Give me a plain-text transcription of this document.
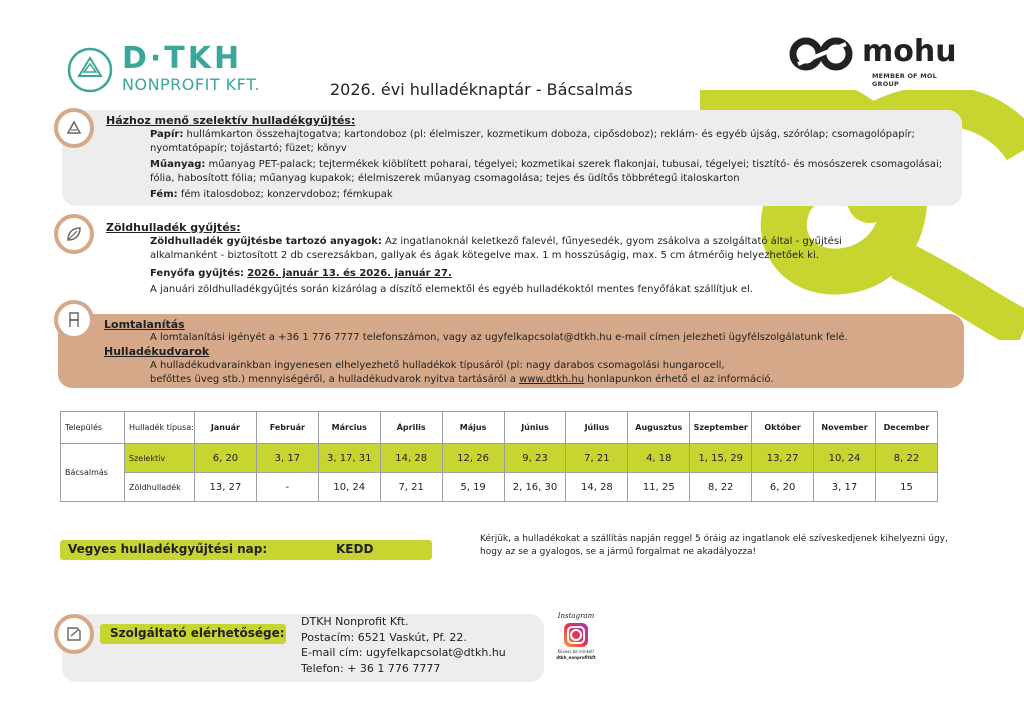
D·TKH
NONPROFIT KFT.
mohu
MEMBER OF MOL GROUP
2026. évi hulladéknaptár - Bácsalmás
Házhoz menő szelektív hulladékgyűjtés:
Papír: hullámkarton összehajtogatva; kartondoboz (pl: élelmiszer, kozmetikum doboza, cipősdoboz); reklám- és egyéb újság, szórólap; csomagolópapír; nyomtatópapír; tojástartó; füzet; könyv
Műanyag: műanyag PET-palack; tejtermékek kiöblített poharai, tégelyei; kozmetikai szerek flakonjai, tubusai, tégelyei; tisztító- és mosószerek csomagolásai; fólia, habosított fólia; műanyag kupakok; élelmiszerek műanyag csomagolása; tejes és üdítős többrétegű italoskarton
Fém: fém italosdoboz; konzervdoboz; fémkupak
Zöldhulladék gyűjtés:
Zöldhulladék gyűjtésbe tartozó anyagok: Az ingatlanoknál keletkező falevél, fűnyesedék, gyom zsákolva a szolgáltató által - gyűjtési alkalmanként - biztosított 2 db cserezsákban, gallyak és ágak kötegelve max. 1 m hosszúságig, max. 5 cm átmérőig helyezhetőek ki.
Fenyőfa gyűjtés: 2026. január 13. és 2026. január 27.
A januári zöldhulladékgyűjtés során kizárólag a díszítő elemektől és egyéb hulladékoktól mentes fenyőfákat szállítjuk el.
Lomtalanítás
A lomtalanítási igényét a +36 1 776 7777 telefonszámon, vagy az ugyfelkapcsolat@dtkh.hu e-mail címen jelezheti ügyfélszolgálatunk felé.
Hulladékudvarok
A hulladékudvarainkban ingyenesen elhelyezhető hulladékok típusáról (pl: nagy darabos csomagolási hungarocell,
befőttes üveg stb.) mennyiségéről, a hulladékudvarok nyitva tartásáról a www.dtkh.hu honlapunkon érhető el az információ.
Település	Hulladék típusa:	Január	Február	Március	Április	Május	Június	Július	Augusztus	Szeptember	Október	November	December
Bácsalmás	Szelektív	6, 20	3, 17	3, 17, 31	14, 28	12, 26	9, 23	7, 21	4, 18	1, 15, 29	13, 27	10, 24	8, 22
	Zöldhulladék	13, 27	-	10, 24	7, 21	5, 19	2, 16, 30	14, 28	11, 25	8, 22	6, 20	3, 17	15
Vegyes hulladékgyűjtési nap:	KEDD
Kérjük, a hulladékokat a szállítás napján reggel 5 óráig az ingatlanok elé szíveskedjenek kihelyezni úgy, hogy az se a gyalogos, se a jármű forgalmat ne akadályozza!
Szolgáltató elérhetősége:
DTKH Nonprofit Kft.
Postacím: 6521 Vaskút, Pf. 22.
E-mail cím: ugyfelkapcsolat@dtkh.hu
Telefon: + 36 1 776 7777
Instagram
Kövess be minket!
dtkh_nonprofitkft
